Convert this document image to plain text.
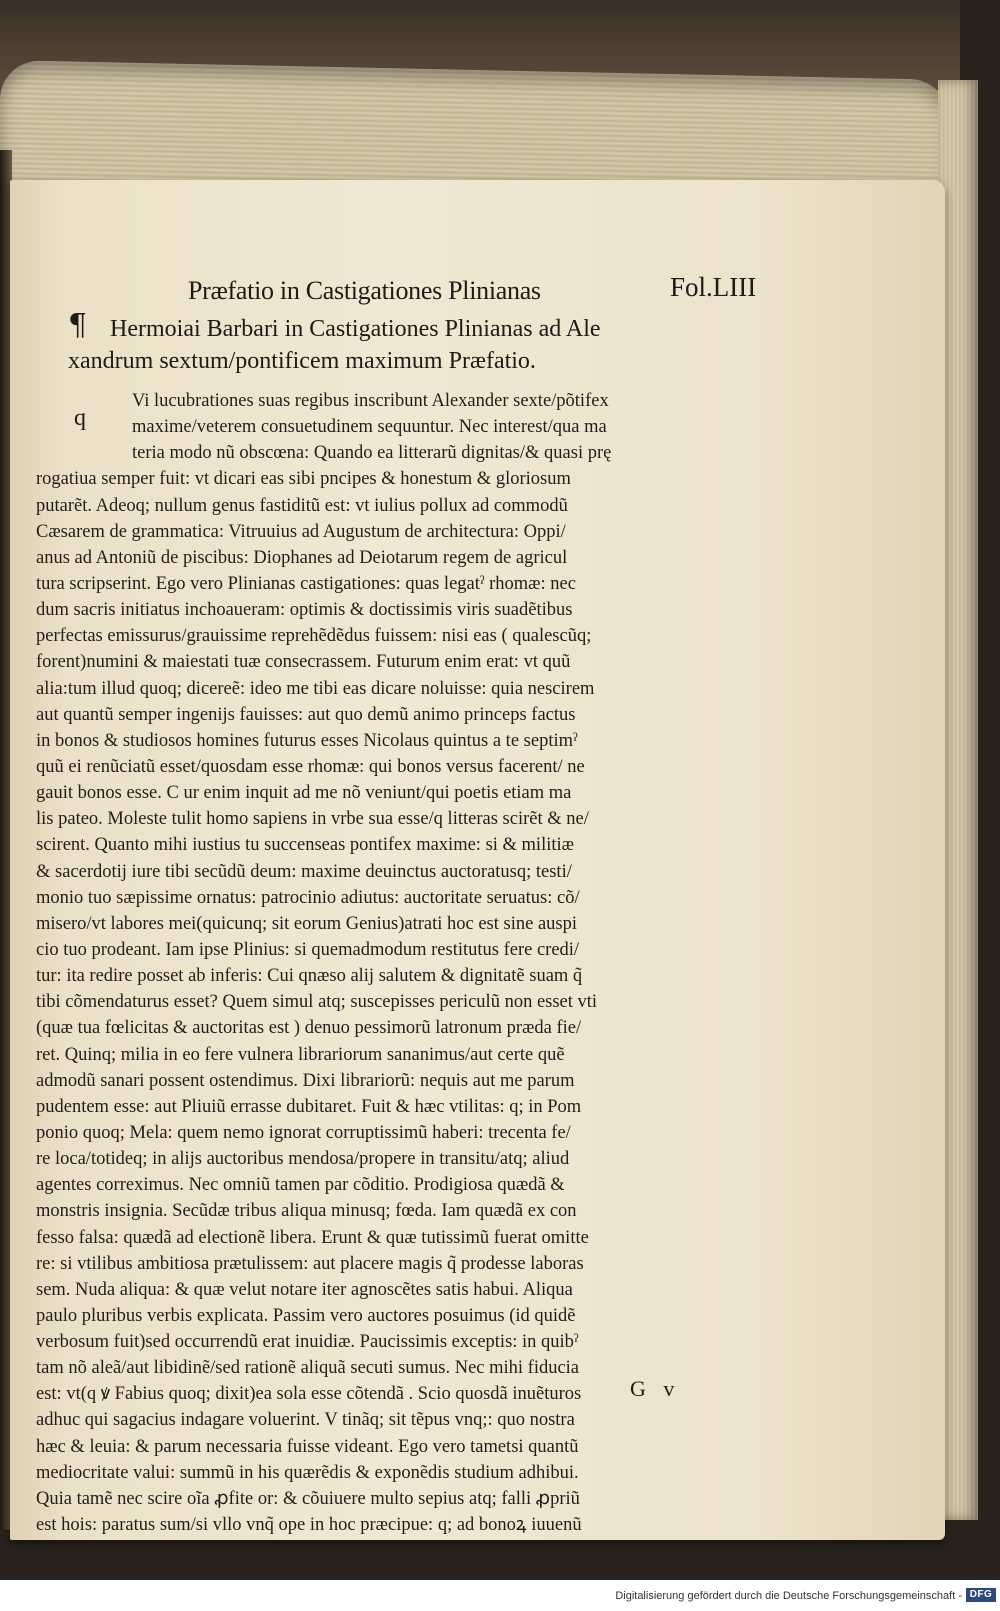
Præfatio in Castigationes Plinianas	Fol.LIII
¶ Hermoiai Barbari in Castigationes Plinianas ad Ale
xandrum sextum/pontificem maximum Præfatio.
q
Vi lucubrationes suas regibus inscribunt Alexander sexte/põtifex
maxime/veterem consuetudinem sequuntur. Nec interest/qua ma
teria modo nũ obscœna: Quando ea litterarũ dignitas/& quasi prę
rogatiua semper fuit: vt dicari eas sibi pncipes & honestum & gloriosum
putarẽt. Adeoq; nullum genus fastiditũ est: vt iulius pollux ad commodũ
Cæsarem de grammatica: Vitruuius ad Augustum de architectura: Oppi/
anus ad Antoniũ de piscibus: Diophanes ad Deiotarum regem de agricul
tura scripserint. Ego vero Plinianas castigationes: quas legatˀ rhomæ: nec
dum sacris initiatus inchoaueram: optimis & doctissimis viris suadẽtibus
perfectas emissurus/grauissime reprehẽdẽdus fuissem: nisi eas ( qualescũq;
forent)numini & maiestati tuæ consecrassem. Futurum enim erat: vt quũ
alia:tum illud quoq; dicereẽ: ideo me tibi eas dicare noluisse: quia nescirem
aut quantũ semper ingenijs fauisses: aut quo demũ animo princeps factus
in bonos & studiosos homines futurus esses Nicolaus quintus a te septimˀ
quũ ei renũciatũ esset/quosdam esse rhomæ: qui bonos versus facerent/ ne
gauit bonos esse. C ur enim inquit ad me nõ veniunt/qui poetis etiam ma
lis pateo. Moleste tulit homo sapiens in vrbe sua esse/q litteras scirẽt & ne/
scirent. Quanto mihi iustius tu succenseas pontifex maxime: si & militiæ
& sacerdotij iure tibi secũdũ deum: maxime deuinctus auctoratusq; testi/
monio tuo sæpissime ornatus: patrocinio adiutus: auctoritate seruatus: cõ/
misero/vt labores mei(quicunq; sit eorum Genius)atrati hoc est sine auspi
cio tuo prodeant. Iam ipse Plinius: si quemadmodum restitutus fere credi/
tur: ita redire posset ab inferis: Cui qnæso alij salutem & dignitatẽ suam q̃
tibi cõmendaturus esset? Quem simul atq; suscepisses periculũ non esset vti
(quæ tua fœlicitas & auctoritas est ) denuo pessimorũ latronum præda fie/
ret. Quinq; milia in eo fere vulnera librariorum sananimus/aut certe quẽ
admodũ sanari possent ostendimus. Dixi librariorũ: nequis aut me parum
pudentem esse: aut Pliuiũ errasse dubitaret. Fuit & hæc vtilitas: q; in Pom
ponio quoq; Mela: quem nemo ignorat corruptissimũ haberi: trecenta fe/
re loca/totideq; in alijs auctoribus mendosa/propere in transitu/atq; aliud
agentes correximus. Nec omniũ tamen par cõditio. Prodigiosa quædã &
monstris insignia. Secũdæ tribus aliqua minusq; fœda. Iam quædã ex con
fesso falsa: quædã ad electionẽ libera. Erunt & quæ tutissimũ fuerat omitte
re: si vtilibus ambitiosa prætulissem: aut placere magis q̃ prodesse laboras
sem. Nuda aliqua: & quæ velut notare iter agnoscẽtes satis habui. Aliqua
paulo pluribus verbis explicata. Passim vero auctores posuimus (id quidẽ
verbosum fuit)sed occurrendũ erat inuidiæ. Paucissimis exceptis: in quibˀ
tam nõ aleã/aut libidinẽ/sed rationẽ aliquã secuti sumus. Nec mihi fiducia
est: vt(q ꝟ Fabius quoq; dixit)ea sola esse cõtendã . Scio quosdã inuẽturos
adhuc qui sagacius indagare voluerint. V tinãq; sit tẽpus vnq;: quo nostra
hæc & leuia: & parum necessaria fuisse videant. Ego vero tametsi quantũ
mediocritate valui: summũ in his quærẽdis & exponẽdis studium adhibui.
Quia tamẽ nec scire oĩa ꝓfite or: & cõuiuere multo sepius atq; falli ꝓpriũ
est hois: paratus sum/si vllo vnq̃ ope in hoc præcipue: q; ad bonoꝝ iuuenũ
G v
Digitalisierung gefördert durch die Deutsche Forschungsgemeinschaft - DFG
